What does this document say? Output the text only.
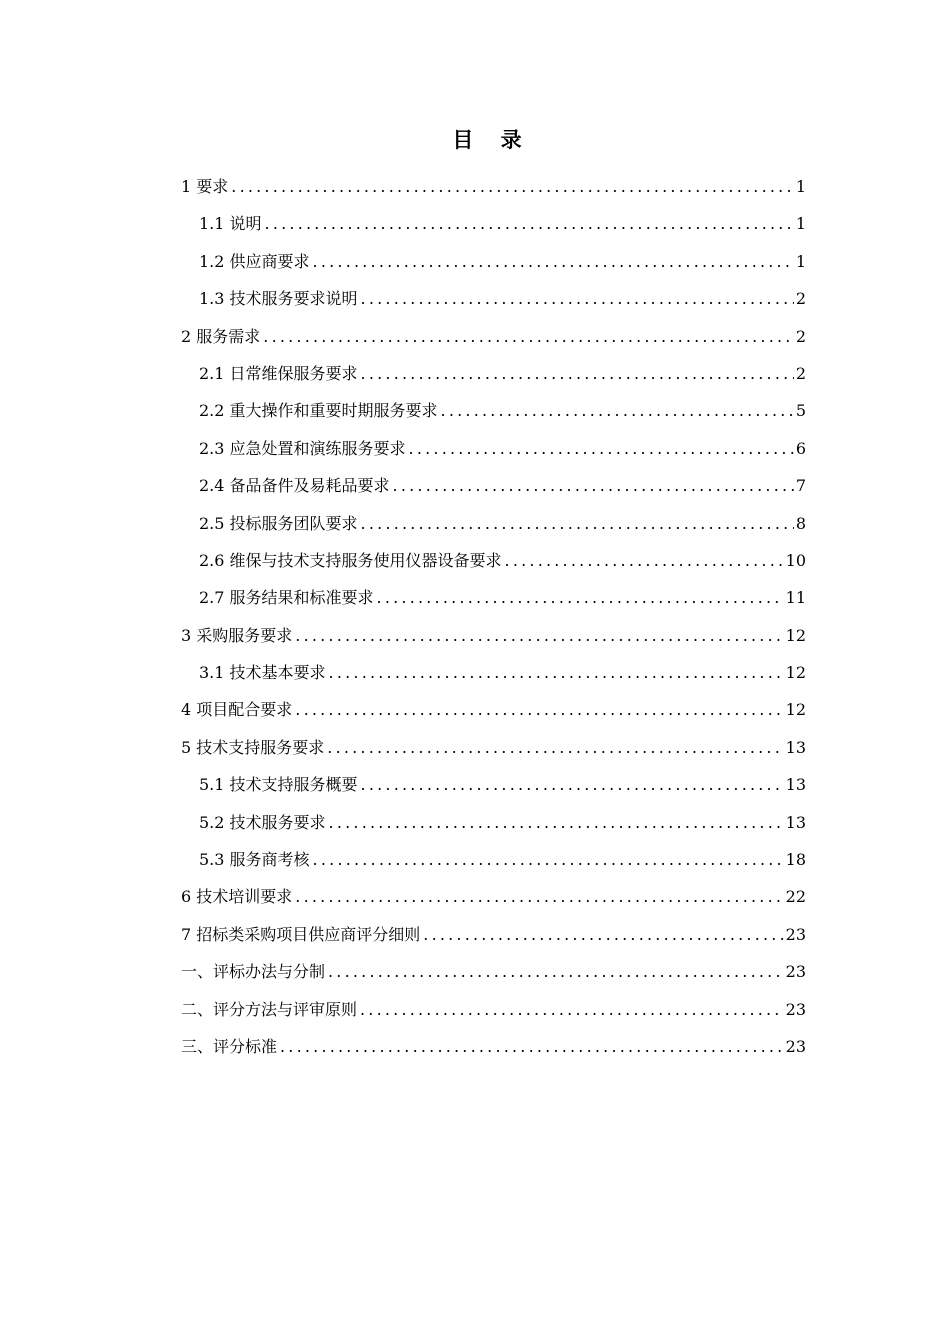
目 录
1 要求 .....	1
1.1 说明 .....	1
1.2 供应商要求 .....	1
1.3 技术服务要求说明 .....	2
2 服务需求 .....	2
2.1 日常维保服务要求 .....	2
2.2 重大操作和重要时期服务要求 .....	5
2.3 应急处置和演练服务要求 .....	6
2.4 备品备件及易耗品要求 .....	7
2.5 投标服务团队要求 .....	8
2.6 维保与技术支持服务使用仪器设备要求 .....	10
2.7 服务结果和标准要求 .....	11
3 采购服务要求 .....	12
3.1 技术基本要求 .....	12
4 项目配合要求 .....	12
5 技术支持服务要求 .....	13
5.1 技术支持服务概要 .....	13
5.2 技术服务要求 .....	13
5.3 服务商考核 .....	18
6 技术培训要求 .....	22
7 招标类采购项目供应商评分细则 .....	23
一、评标办法与分制 .....	23
二、评分方法与评审原则 .....	23
三、评分标准 .....	23
